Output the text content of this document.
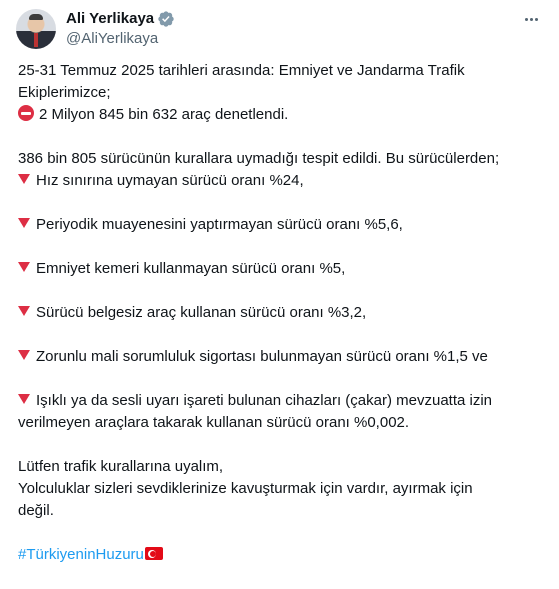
Ali Yerlikaya
@AliYerlikaya
25-31 Temmuz 2025 tarihleri arasında: Emniyet ve Jandarma Trafik
Ekiplerimizce;
2 Milyon 845 bin 632 araç denetlendi.
386 bin 805 sürücünün kurallara uymadığı tespit edildi. Bu sürücülerden;
Hız sınırına uymayan sürücü oranı %24,
Periyodik muayenesini yaptırmayan sürücü oranı %5,6,
Emniyet kemeri kullanmayan sürücü oranı %5,
Sürücü belgesiz araç kullanan sürücü oranı %3,2,
Zorunlu mali sorumluluk sigortası bulunmayan sürücü oranı %1,5 ve
Işıklı ya da sesli uyarı işareti bulunan cihazları (çakar) mevzuatta izin
verilmeyen araçlara takarak kullanan sürücü oranı %0,002.
Lütfen trafik kurallarına uyalım,
Yolculuklar sizleri sevdiklerinize kavuşturmak için vardır, ayırmak için
değil.
#TürkiyeninHuzuru
